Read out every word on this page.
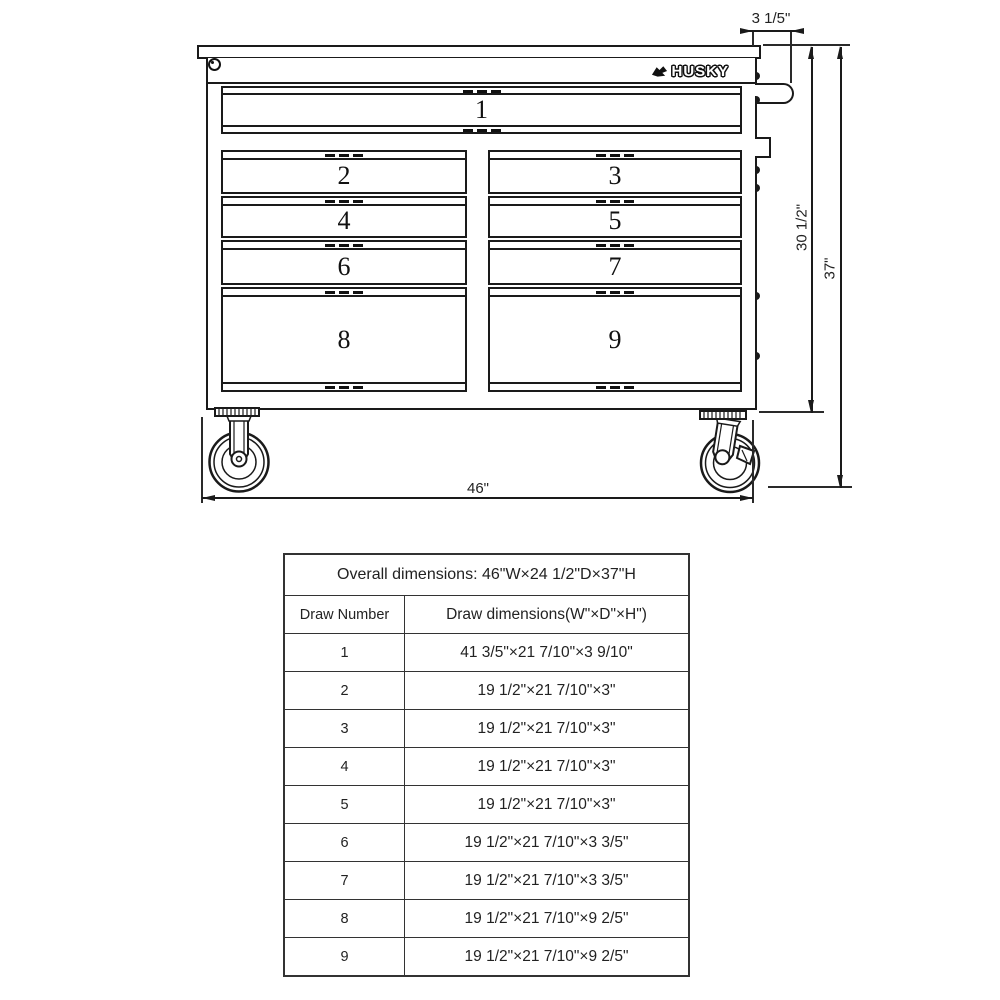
HUSKY
1
2
4
6
8
3
5
7
9
3 1/5"
30 1/2"
37"
46"
Overall dimensions: 46"W×24 1/2"D×37"H
Draw Number	Draw dimensions(W"×D"×H")
1	41 3/5"×21 7/10"×3 9/10"
2	19 1/2"×21 7/10"×3"
3	19 1/2"×21 7/10"×3"
4	19 1/2"×21 7/10"×3"
5	19 1/2"×21 7/10"×3"
6	19 1/2"×21 7/10"×3 3/5"
7	19 1/2"×21 7/10"×3 3/5"
8	19 1/2"×21 7/10"×9 2/5"
9	19 1/2"×21 7/10"×9 2/5"
